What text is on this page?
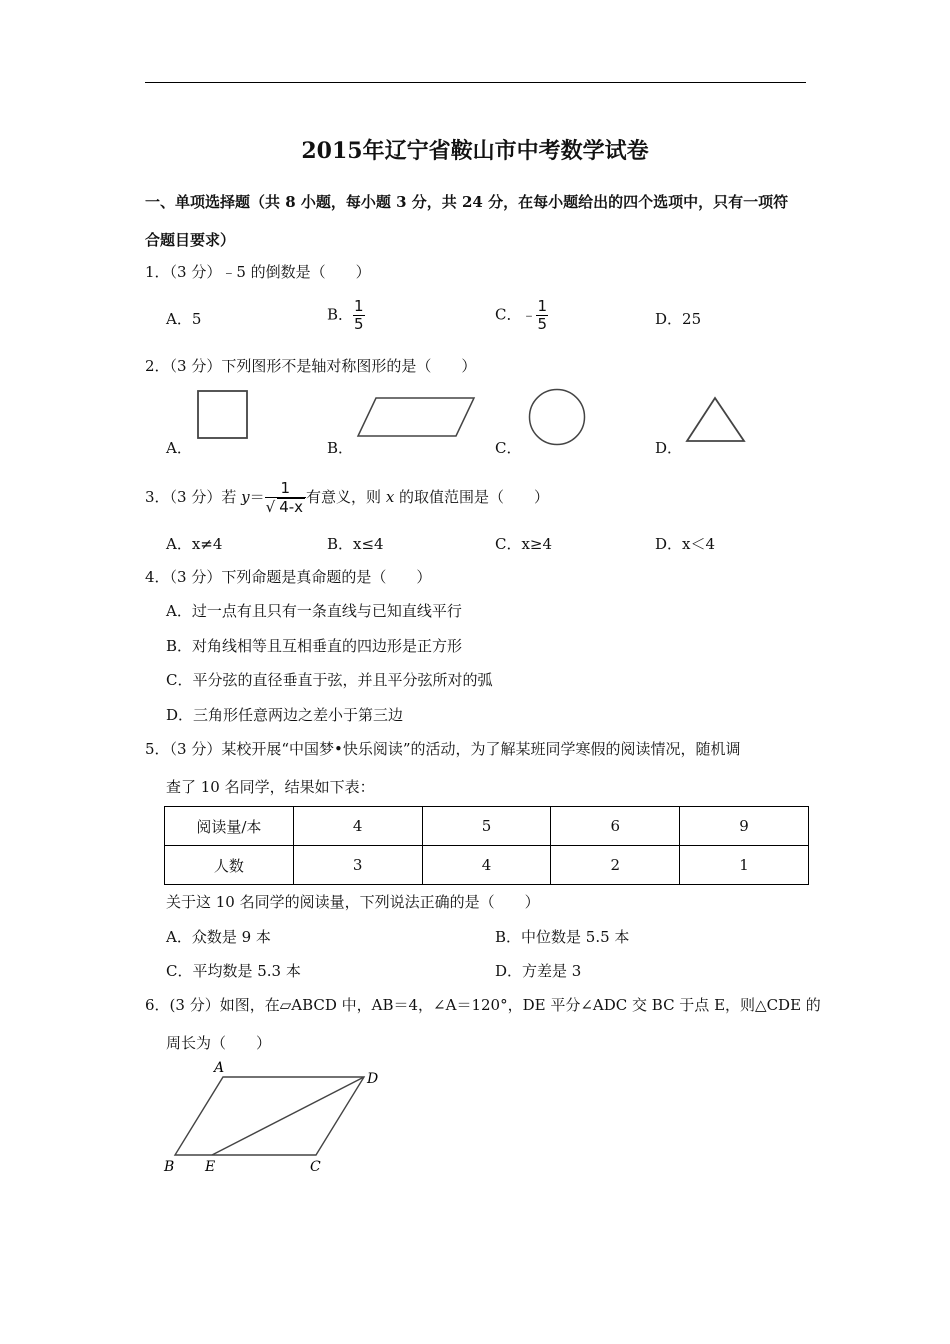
2015年辽宁省鞍山市中考数学试卷
一、单项选择题（共 8 小题，每小题 3 分，共 24 分，在每小题给出的四个选项中，只有一项符
合题目要求）
1．（3 分）﹣5 的倒数是（　　）
A．5	B． $\frac{1}{5}$	C．﹣ $\frac{1}{5}$	D．25
2．（3 分）下列图形不是轴对称图形的是（　　）
A．	B．	C．	D．
3．（3 分）若 $y= \frac{1}{√ 4-x}$ 有意义，则 x 的取值范围是（　　）
A．x≠4	B．x≤4	C．x≥4	D．x＜4
4．（3 分）下列命题是真命题的是（　　）
A．过一点有且只有一条直线与已知直线平行
B．对角线相等且互相垂直的四边形是正方形
C．平分弦的直径垂直于弦，并且平分弦所对的弧
D．三角形任意两边之差小于第三边
5．（3 分）某校开展“中国梦•快乐阅读”的活动，为了解某班同学寒假的阅读情况，随机调
查了 10 名同学，结果如下表：
阅读量/本	4	5	6	9
人数	3	4	2	1
关于这 10 名同学的阅读量，下列说法正确的是（　　）
A．众数是 9 本	B．中位数是 5.5 本
C．平均数是 5.3 本	D．方差是 3
6．(3 分）如图，在▱ABCD 中，AB＝4，∠A＝120°，DE 平分∠ADC 交 BC 于点 E，则△CDE 的
周长为（　　）
A
D
B E	C
